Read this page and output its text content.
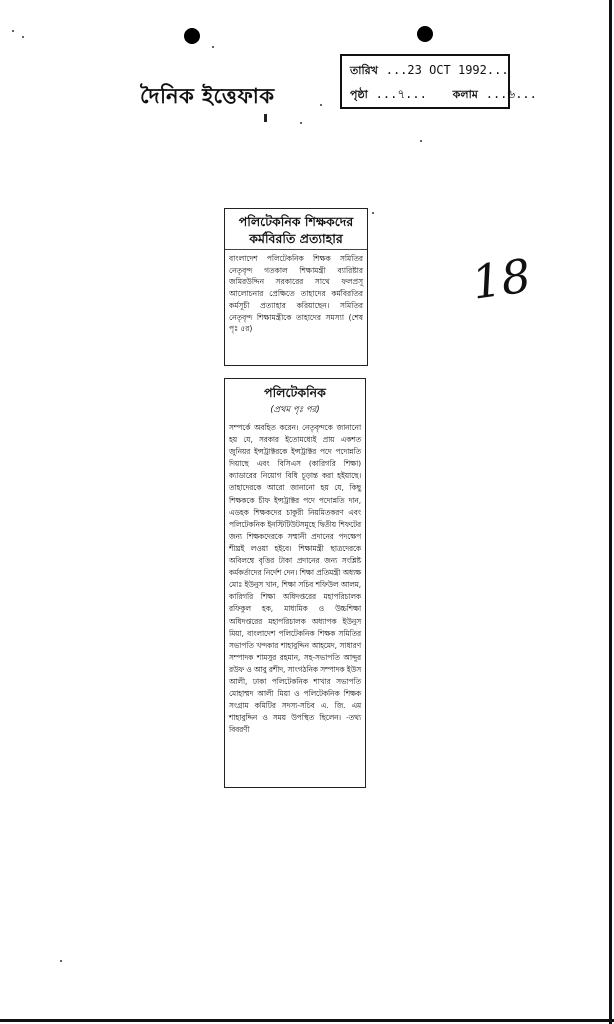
দৈনিক ইত্তেফাক
তারিখ ...23 OCT 1992...
পৃষ্ঠা ...৭... কলাম ...৬...
18
পলিটেকনিক শিক্ষকদের কর্মবিরতি প্রত্যাহার

বাংলাদেশ পলিটেকনিক শিক্ষক সমিতির নেতৃবৃন্দ গতকাল শিক্ষামন্ত্রী ব্যারিষ্টার জমিরউদ্দিন সরকারের সাথে ফলপ্রসূ আলোচনার প্রেক্ষিতে তাহাদের কর্মবিরতির কর্মসূচী প্রত্যাহার করিয়াছেন। সমিতির নেতৃবৃন্দ শিক্ষামন্ত্রীকে তাহাদের সমস্যা (শেষ পৃঃ ৫র)

পলিটেকনিক
(প্রথম পৃঃ পর)

সম্পর্কে অবহিত করেন। নেতৃবৃন্দকে জানানো হয় যে, সরকার ইতোমধ্যেই প্রায় একশত জুনিয়র ইন্সট্রাক্টরকে ইন্সট্রাক্টর পদে পদোন্নতি দিয়াছে এবং বিসিএস (কারিগরি শিক্ষা) ক্যাডারের নিয়োগ বিধি চূড়ান্ত করা হইয়াছে। তাহাদেরকে আরো জানানো হয় যে, কিছু শিক্ষককে চীফ ইন্সট্রাক্টর পদে পদোন্নতি দান, এডহক শিক্ষকদের চাকুরী নিয়মিতকরণ এবং পলিটেকনিক ইনস্টিটিউটসমূহে দ্বিতীয় শিফটের জন্য শিক্ষকদেরকে সম্মানী প্রদানের পদক্ষেপ শীঘ্রই লওয়া হইবে। শিক্ষামন্ত্রী ছাত্রদেরকে অবিলম্বে বৃত্তির টাকা প্রদানের জন্য সংশ্লিষ্ট কর্মকর্তাদের নির্দেশ দেন। শিক্ষা প্রতিমন্ত্রী অধ্যক্ষ মোঃ ইউনুস খান, শিক্ষা সচিব শফিউল আলম, কারিগরি শিক্ষা অধিদপ্তরের মহাপরিচালক রফিকুল হক, মাধ্যমিক ও উচ্চশিক্ষা অধিদপ্তরের মহাপরিচালক অধ্যাপক ইউনুস মিয়া, বাংলাদেশ পলিটেকনিক শিক্ষক সমিতির সভাপতি খন্দকার শাহাবুদ্দিন আহমেদ, সাধারণ সম্পাদক শামসুর রহমান, সহ-সভাপতি আব্দুর রউফ ও আবু রশীদ, সাংগঠনিক সম্পাদক ইউস আলী, ঢাকা পলিটেকনিক শাখার সভাপতি মোহাম্মদ আলী মিয়া ও পলিটেকনিক শিক্ষক সংগ্রাম কমিটির সদস্য-সচিব এ. জি. এম শাহাবুদ্দিন ও সময় উপস্থিত ছিলেন। -তথ্য বিবরণী
